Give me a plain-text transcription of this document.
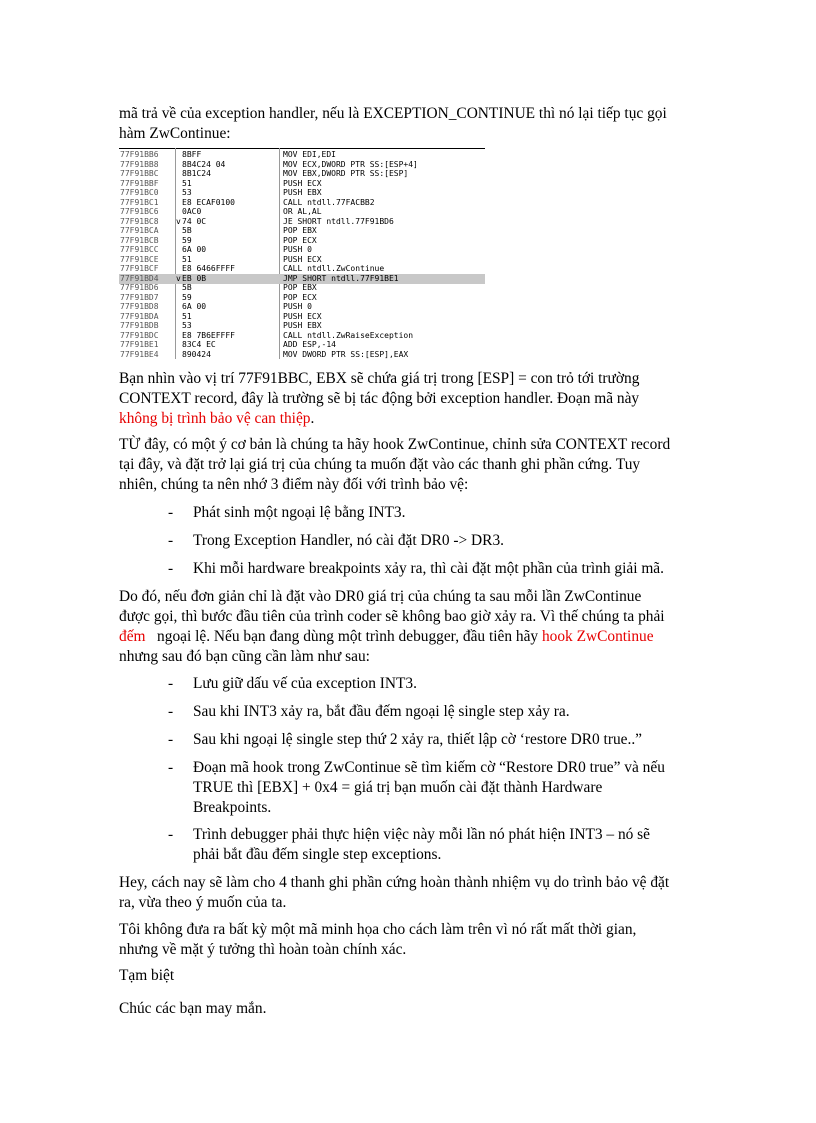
mã trả về của exception handler, nếu là EXCEPTION_CONTINUE thì nó lại tiếp tục gọi
hàm ZwContinue:
77F91BB6	8BFF	MOV EDI,EDI
77F91BB8	8B4C24 04	MOV ECX,DWORD PTR SS:[ESP+4]
77F91BBC	8B1C24	MOV EBX,DWORD PTR SS:[ESP]
77F91BBF	51	PUSH ECX
77F91BC0	53	PUSH EBX
77F91BC1	E8 ECAF0100	CALL ntdll.77FACBB2
77F91BC6	0AC0	OR AL,AL
77F91BC8 v 74 0C	JE SHORT ntdll.77F91BD6
77F91BCA	5B	POP EBX
77F91BCB	59	POP ECX
77F91BCC	6A 00	PUSH 0
77F91BCE	51	PUSH ECX
77F91BCF	E8 6466FFFF	CALL ntdll.ZwContinue
77F91BD4 v EB 0B	JMP SHORT ntdll.77F91BE1
77F91BD6	5B	POP EBX
77F91BD7	59	POP ECX
77F91BD8	6A 00	PUSH 0
77F91BDA	51	PUSH ECX
77F91BDB	53	PUSH EBX
77F91BDC	E8 7B6EFFFF	CALL ntdll.ZwRaiseException
77F91BE1	83C4 EC	ADD ESP,-14
77F91BE4	890424	MOV DWORD PTR SS:[ESP],EAX
Bạn nhìn vào vị trí 77F91BBC, EBX sẽ chứa giá trị trong [ESP] = con trỏ tới trường
CONTEXT record, đây là trường sẽ bị tác động bởi exception handler. Đoạn mã này
không bị trình bảo vệ can thiệp.
TỪ đây, có một ý cơ bản là chúng ta hãy hook ZwContinue, chỉnh sửa CONTEXT record
tại đây, và đặt trở lại giá trị của chúng ta muốn đặt vào các thanh ghi phần cứng. Tuy
nhiên, chúng ta nên nhớ 3 điểm này đối với trình bảo vệ:
- Phát sinh một ngoại lệ bằng INT3.
- Trong Exception Handler, nó cài đặt DR0 -> DR3.
- Khi mỗi hardware breakpoints xảy ra, thì cài đặt một phần của trình giải mã.
Do đó, nếu đơn giản chỉ là đặt vào DR0 giá trị của chúng ta sau mỗi lần ZwContinue
được gọi, thì bước đầu tiên của trình coder sẽ không bao giờ xảy ra. Vì thế chúng ta phải
đếm ngoại lệ. Nếu bạn đang dùng một trình debugger, đầu tiên hãy hook ZwContinue
nhưng sau đó bạn cũng cần làm như sau:
- Lưu giữ dấu vế của exception INT3.
- Sau khi INT3 xảy ra, bắt đầu đếm ngoại lệ single step xảy ra.
- Sau khi ngoại lệ single step thứ 2 xảy ra, thiết lập cờ ‘restore DR0 true..”
- Đoạn mã hook trong ZwContinue sẽ tìm kiếm cờ “Restore DR0 true” và nếu
TRUE thì [EBX] + 0x4 = giá trị bạn muốn cài đặt thành Hardware
Breakpoints.
- Trình debugger phải thực hiện việc này mỗi lần nó phát hiện INT3 – nó sẽ
phải bắt đầu đếm single step exceptions.
Hey, cách nay sẽ làm cho 4 thanh ghi phần cứng hoàn thành nhiệm vụ do trình bảo vệ đặt
ra, vừa theo ý muốn của ta.
Tôi không đưa ra bất kỳ một mã minh họa cho cách làm trên vì nó rất mất thời gian,
nhưng về mặt ý tưởng thì hoàn toàn chính xác.
Tạm biệt
Chúc các bạn may mắn.
